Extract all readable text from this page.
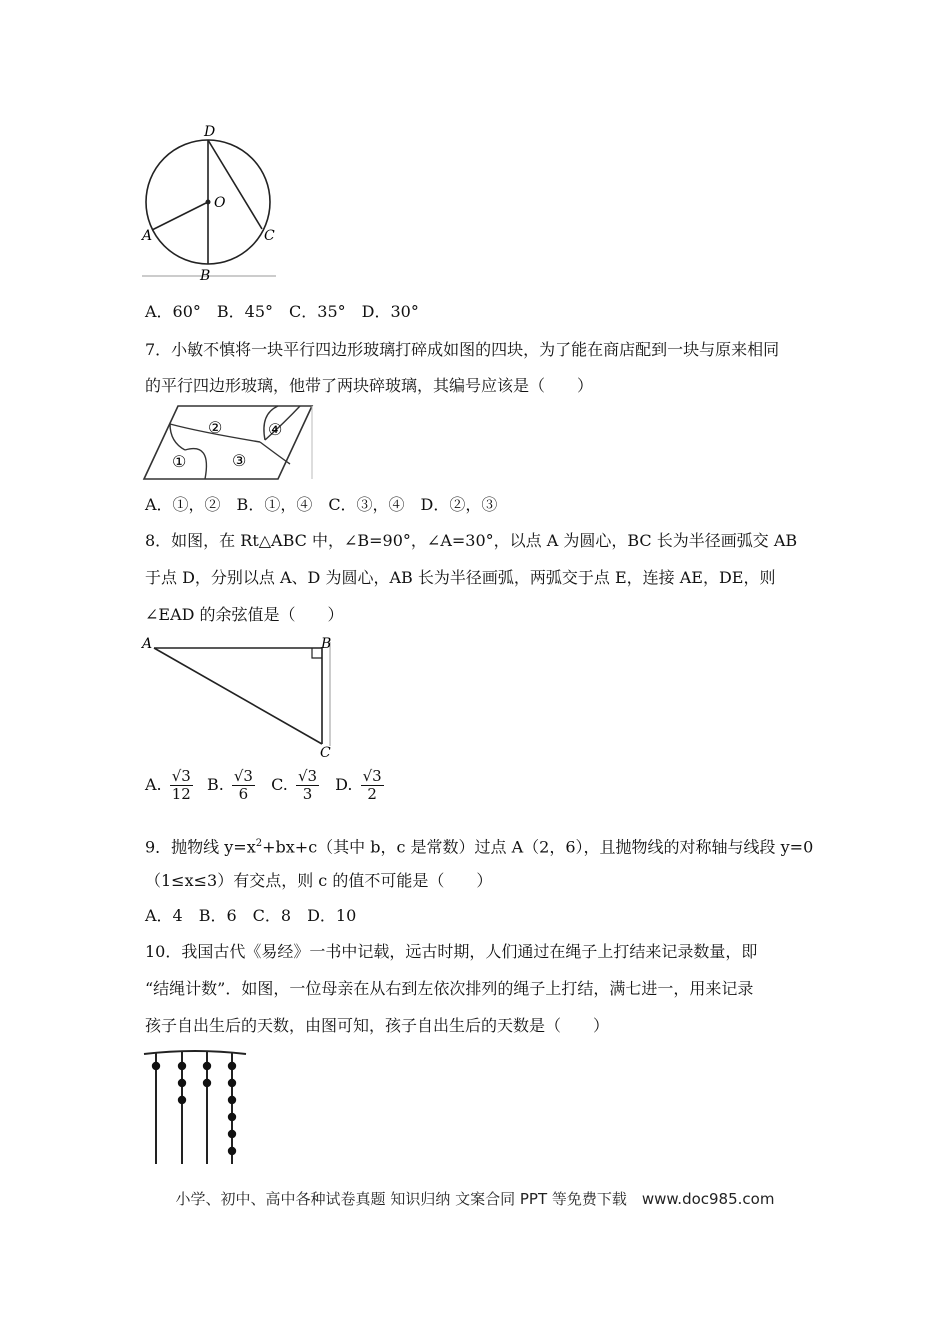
D
O
A	C
B
A．60°　B．45°　C．35°　D．30°
7．小敏不慎将一块平行四边形玻璃打碎成如图的四块，为了能在商店配到一块与原来相同
的平行四边形玻璃，他带了两块碎玻璃，其编号应该是（　　）
①
②
③
④
A．①，②　B．①，④　C．③，④　D．②，③
8．如图，在 Rt△ABC 中，∠B=90°，∠A=30°，以点 A 为圆心，BC 长为半径画弧交 AB
于点 D，分别以点 A、D 为圆心，AB 长为半径画弧，两弧交于点 E，连接 AE，DE，则
∠EAD 的余弦值是（　　）
A	B
C
A. $\frac{√3}{12} B$. $\frac{√3}{6} C$. $\frac{√3}{3} D$. $\frac{√3}{2}$
9．抛物线 $y=x^2+bx+c$（其中 b，c 是常数）过点 A（2，6），且抛物线的对称轴与线段 y=0
（1≤x≤3）有交点，则 c 的值不可能是（　　）
A．4　B．6　C．8　D．10
10．我国古代《易经》一书中记载，远古时期，人们通过在绳子上打结来记录数量，即
“结绳计数”．如图，一位母亲在从右到左依次排列的绳子上打结，满七进一，用来记录
孩子自出生后的天数，由图可知，孩子自出生后的天数是（　　）
小学、初中、高中各种试卷真题 知识归纳 文案合同 PPT 等免费下载　www.doc985.com
